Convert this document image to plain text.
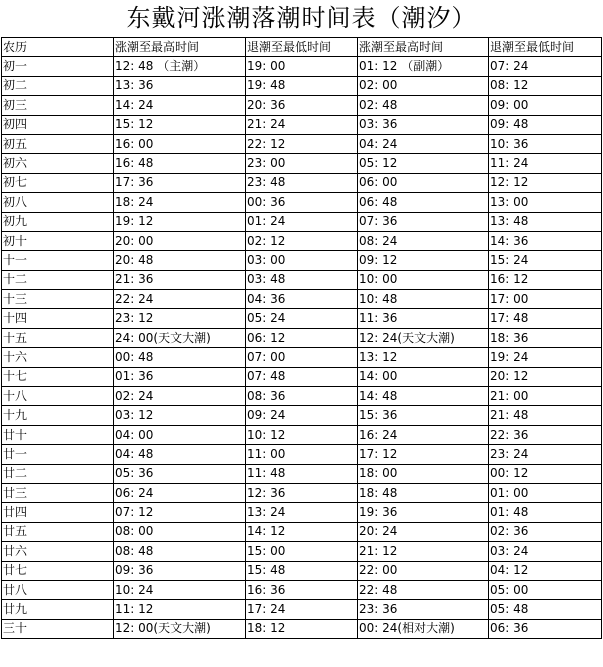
东戴河涨潮落潮时间表（潮汐）
农历	涨潮至最高时间	退潮至最低时间	涨潮至最高时间	退潮至最低时间
初一	12: 48 （主潮）	19: 00	01: 12 （副潮）	07: 24
初二	13: 36	19: 48	02: 00	08: 12
初三	14: 24	20: 36	02: 48	09: 00
初四	15: 12	21: 24	03: 36	09: 48
初五	16: 00	22: 12	04: 24	10: 36
初六	16: 48	23: 00	05: 12	11: 24
初七	17: 36	23: 48	06: 00	12: 12
初八	18: 24	00: 36	06: 48	13: 00
初九	19: 12	01: 24	07: 36	13: 48
初十	20: 00	02: 12	08: 24	14: 36
十一	20: 48	03: 00	09: 12	15: 24
十二	21: 36	03: 48	10: 00	16: 12
十三	22: 24	04: 36	10: 48	17: 00
十四	23: 12	05: 24	11: 36	17: 48
十五	24: 00(天文大潮)	06: 12	12: 24(天文大潮)	18: 36
十六	00: 48	07: 00	13: 12	19: 24
十七	01: 36	07: 48	14: 00	20: 12
十八	02: 24	08: 36	14: 48	21: 00
十九	03: 12	09: 24	15: 36	21: 48
廿十	04: 00	10: 12	16: 24	22: 36
廿一	04: 48	11: 00	17: 12	23: 24
廿二	05: 36	11: 48	18: 00	00: 12
廿三	06: 24	12: 36	18: 48	01: 00
廿四	07: 12	13: 24	19: 36	01: 48
廿五	08: 00	14: 12	20: 24	02: 36
廿六	08: 48	15: 00	21: 12	03: 24
廿七	09: 36	15: 48	22: 00	04: 12
廿八	10: 24	16: 36	22: 48	05: 00
廿九	11: 12	17: 24	23: 36	05: 48
三十	12: 00(天文大潮)	18: 12	00: 24(相对大潮)	06: 36
